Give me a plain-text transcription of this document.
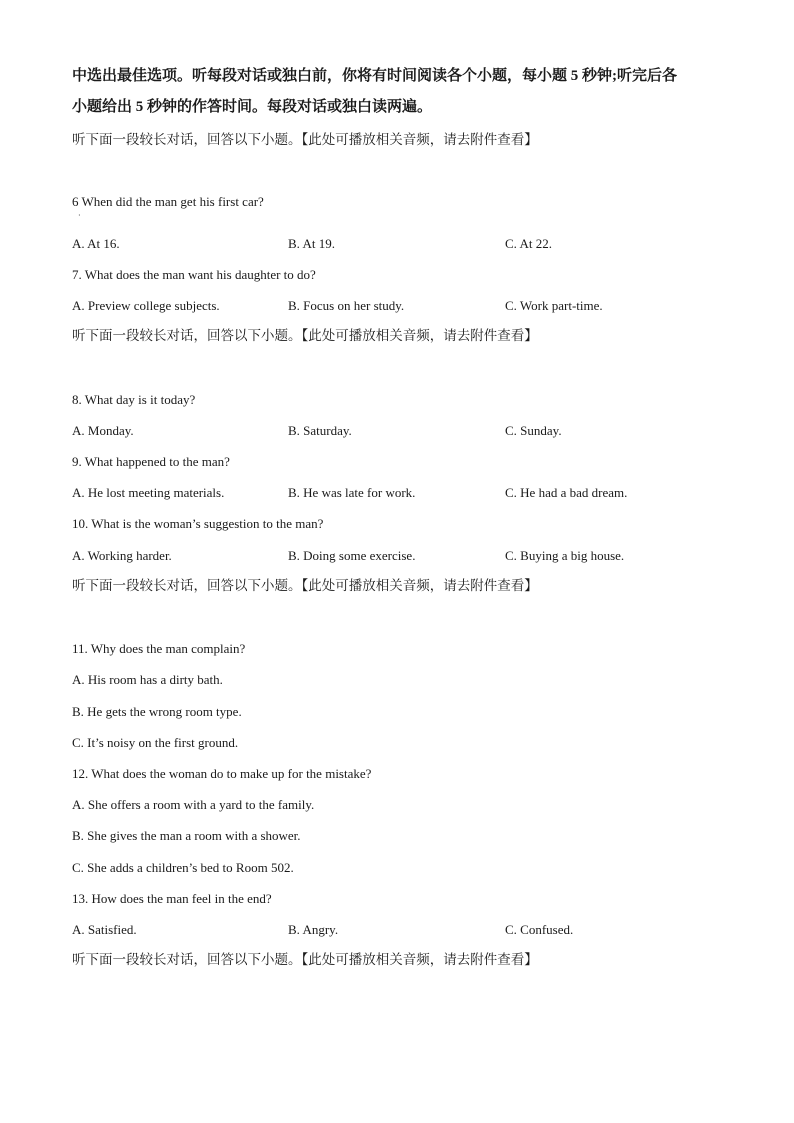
中选出最佳选项。听每段对话或独白前，你将有时间阅读各个小题，每小题 5 秒钟;听完后各
小题给出 5 秒钟的作答时间。每段对话或独白读两遍。
听下面一段较长对话，回答以下小题。【此处可播放相关音频，请去附件查看】
6 When did the man get his first car?
·
A. At 16.	B. At 19.	C. At 22.
7. What does the man want his daughter to do?
A. Preview college subjects.	B. Focus on her study.	C. Work part-time.
听下面一段较长对话，回答以下小题。【此处可播放相关音频，请去附件查看】
8. What day is it today?
A. Monday.	B. Saturday.	C. Sunday.
9. What happened to the man?
A. He lost meeting materials.	B. He was late for work.	C. He had a bad dream.
10. What is the woman’s suggestion to the man?
A. Working harder.	B. Doing some exercise.	C. Buying a big house.
听下面一段较长对话，回答以下小题。【此处可播放相关音频，请去附件查看】
11. Why does the man complain?
A. His room has a dirty bath.
B. He gets the wrong room type.
C. It’s noisy on the first ground.
12. What does the woman do to make up for the mistake?
A. She offers a room with a yard to the family.
B. She gives the man a room with a shower.
C. She adds a children’s bed to Room 502.
13. How does the man feel in the end?
A. Satisfied.	B. Angry.	C. Confused.
听下面一段较长对话，回答以下小题。【此处可播放相关音频，请去附件查看】
